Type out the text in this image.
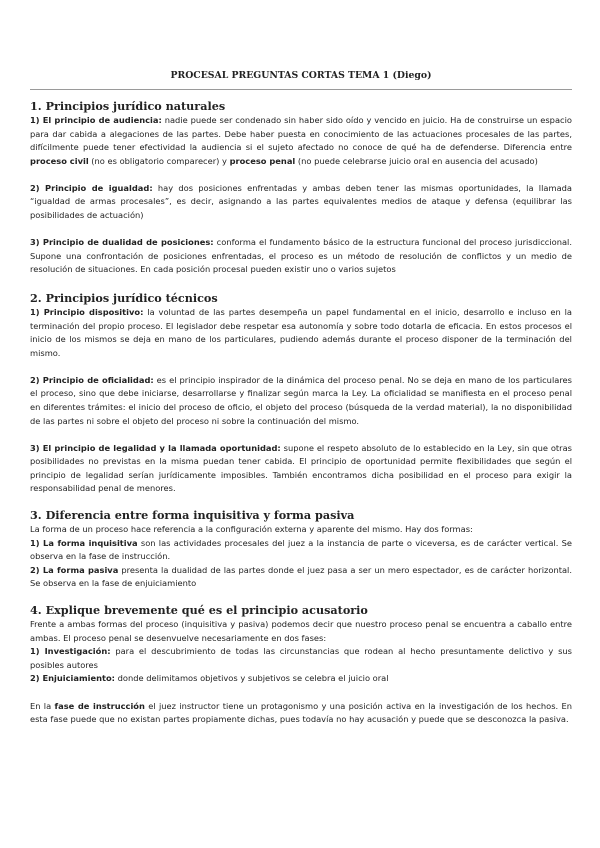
PROCESAL PREGUNTAS CORTAS TEMA 1 (Diego)
1. Principios jurídico naturales

1) El principio de audiencia: nadie puede ser condenado sin haber sido oído y vencido en juicio. Ha de construirse un espacio para dar cabida a alegaciones de las partes. Debe haber puesta en conocimiento de las actuaciones procesales de las partes, difícilmente puede tener efectividad la audiencia si el sujeto afectado no conoce de qué ha de defenderse. Diferencia entre proceso civil (no es obligatorio comparecer) y proceso penal (no puede celebrarse juicio oral en ausencia del acusado)

2) Principio de igualdad: hay dos posiciones enfrentadas y ambas deben tener las mismas oportunidades, la llamada “igualdad de armas procesales”, es decir, asignando a las partes equivalentes medios de ataque y defensa (equilibrar las posibilidades de actuación)

3) Principio de dualidad de posiciones: conforma el fundamento básico de la estructura funcional del proceso jurisdiccional. Supone una confrontación de posiciones enfrentadas, el proceso es un método de resolución de conflictos y un medio de resolución de situaciones. En cada posición procesal pueden existir uno o varios sujetos

2. Principios jurídico técnicos

1) Principio dispositivo: la voluntad de las partes desempeña un papel fundamental en el inicio, desarrollo e incluso en la terminación del propio proceso. El legislador debe respetar esa autonomía y sobre todo dotarla de eficacia. En estos procesos el inicio de los mismos se deja en mano de los particulares, pudiendo además durante el proceso disponer de la terminación del mismo.

2) Principio de oficialidad: es el principio inspirador de la dinámica del proceso penal. No se deja en mano de los particulares el proceso, sino que debe iniciarse, desarrollarse y finalizar según marca la Ley. La oficialidad se manifiesta en el proceso penal en diferentes trámites: el inicio del proceso de oficio, el objeto del proceso (búsqueda de la verdad material), la no disponibilidad de las partes ni sobre el objeto del proceso ni sobre la continuación del mismo.

3) El principio de legalidad y la llamada oportunidad: supone el respeto absoluto de lo establecido en la Ley, sin que otras posibilidades no previstas en la misma puedan tener cabida. El principio de oportunidad permite flexibilidades que según el principio de legalidad serían jurídicamente imposibles. También encontramos dicha posibilidad en el proceso para exigir la responsabilidad penal de menores.

3. Diferencia entre forma inquisitiva y forma pasiva

La forma de un proceso hace referencia a la configuración externa y aparente del mismo. Hay dos formas:

1) La forma inquisitiva son las actividades procesales del juez a la instancia de parte o viceversa, es de carácter vertical. Se observa en la fase de instrucción.

2) La forma pasiva presenta la dualidad de las partes donde el juez pasa a ser un mero espectador, es de carácter horizontal. Se observa en la fase de enjuiciamiento

4. Explique brevemente qué es el principio acusatorio

Frente a ambas formas del proceso (inquisitiva y pasiva) podemos decir que nuestro proceso penal se encuentra a caballo entre ambas. El proceso penal se desenvuelve necesariamente en dos fases:

1) Investigación: para el descubrimiento de todas las circunstancias que rodean al hecho presuntamente delictivo y sus posibles autores

2) Enjuiciamiento: donde delimitamos objetivos y subjetivos se celebra el juicio oral

En la fase de instrucción el juez instructor tiene un protagonismo y una posición activa en la investigación de los hechos. En esta fase puede que no existan partes propiamente dichas, pues todavía no hay acusación y puede que se desconozca la pasiva.
